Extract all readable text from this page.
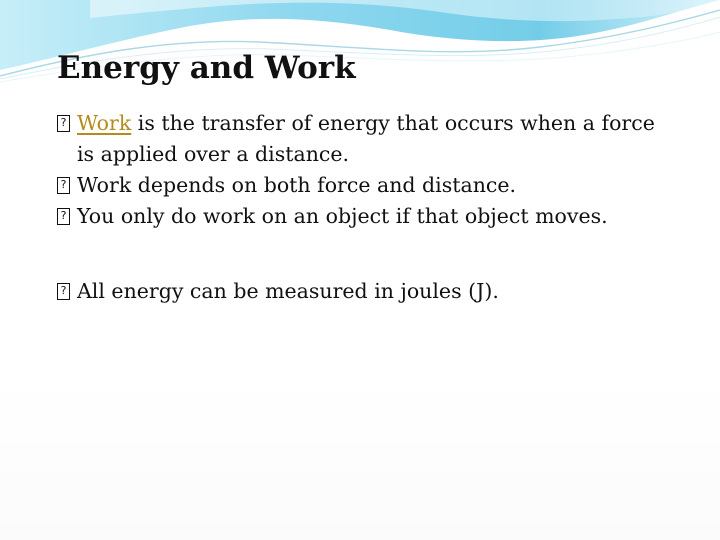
Energy and Work

? Work is the transfer of energy that occurs when a force is applied over a distance.

? Work depends on both force and distance.

? You only do work on an object if that object moves.

? All energy can be measured in joules (J).
